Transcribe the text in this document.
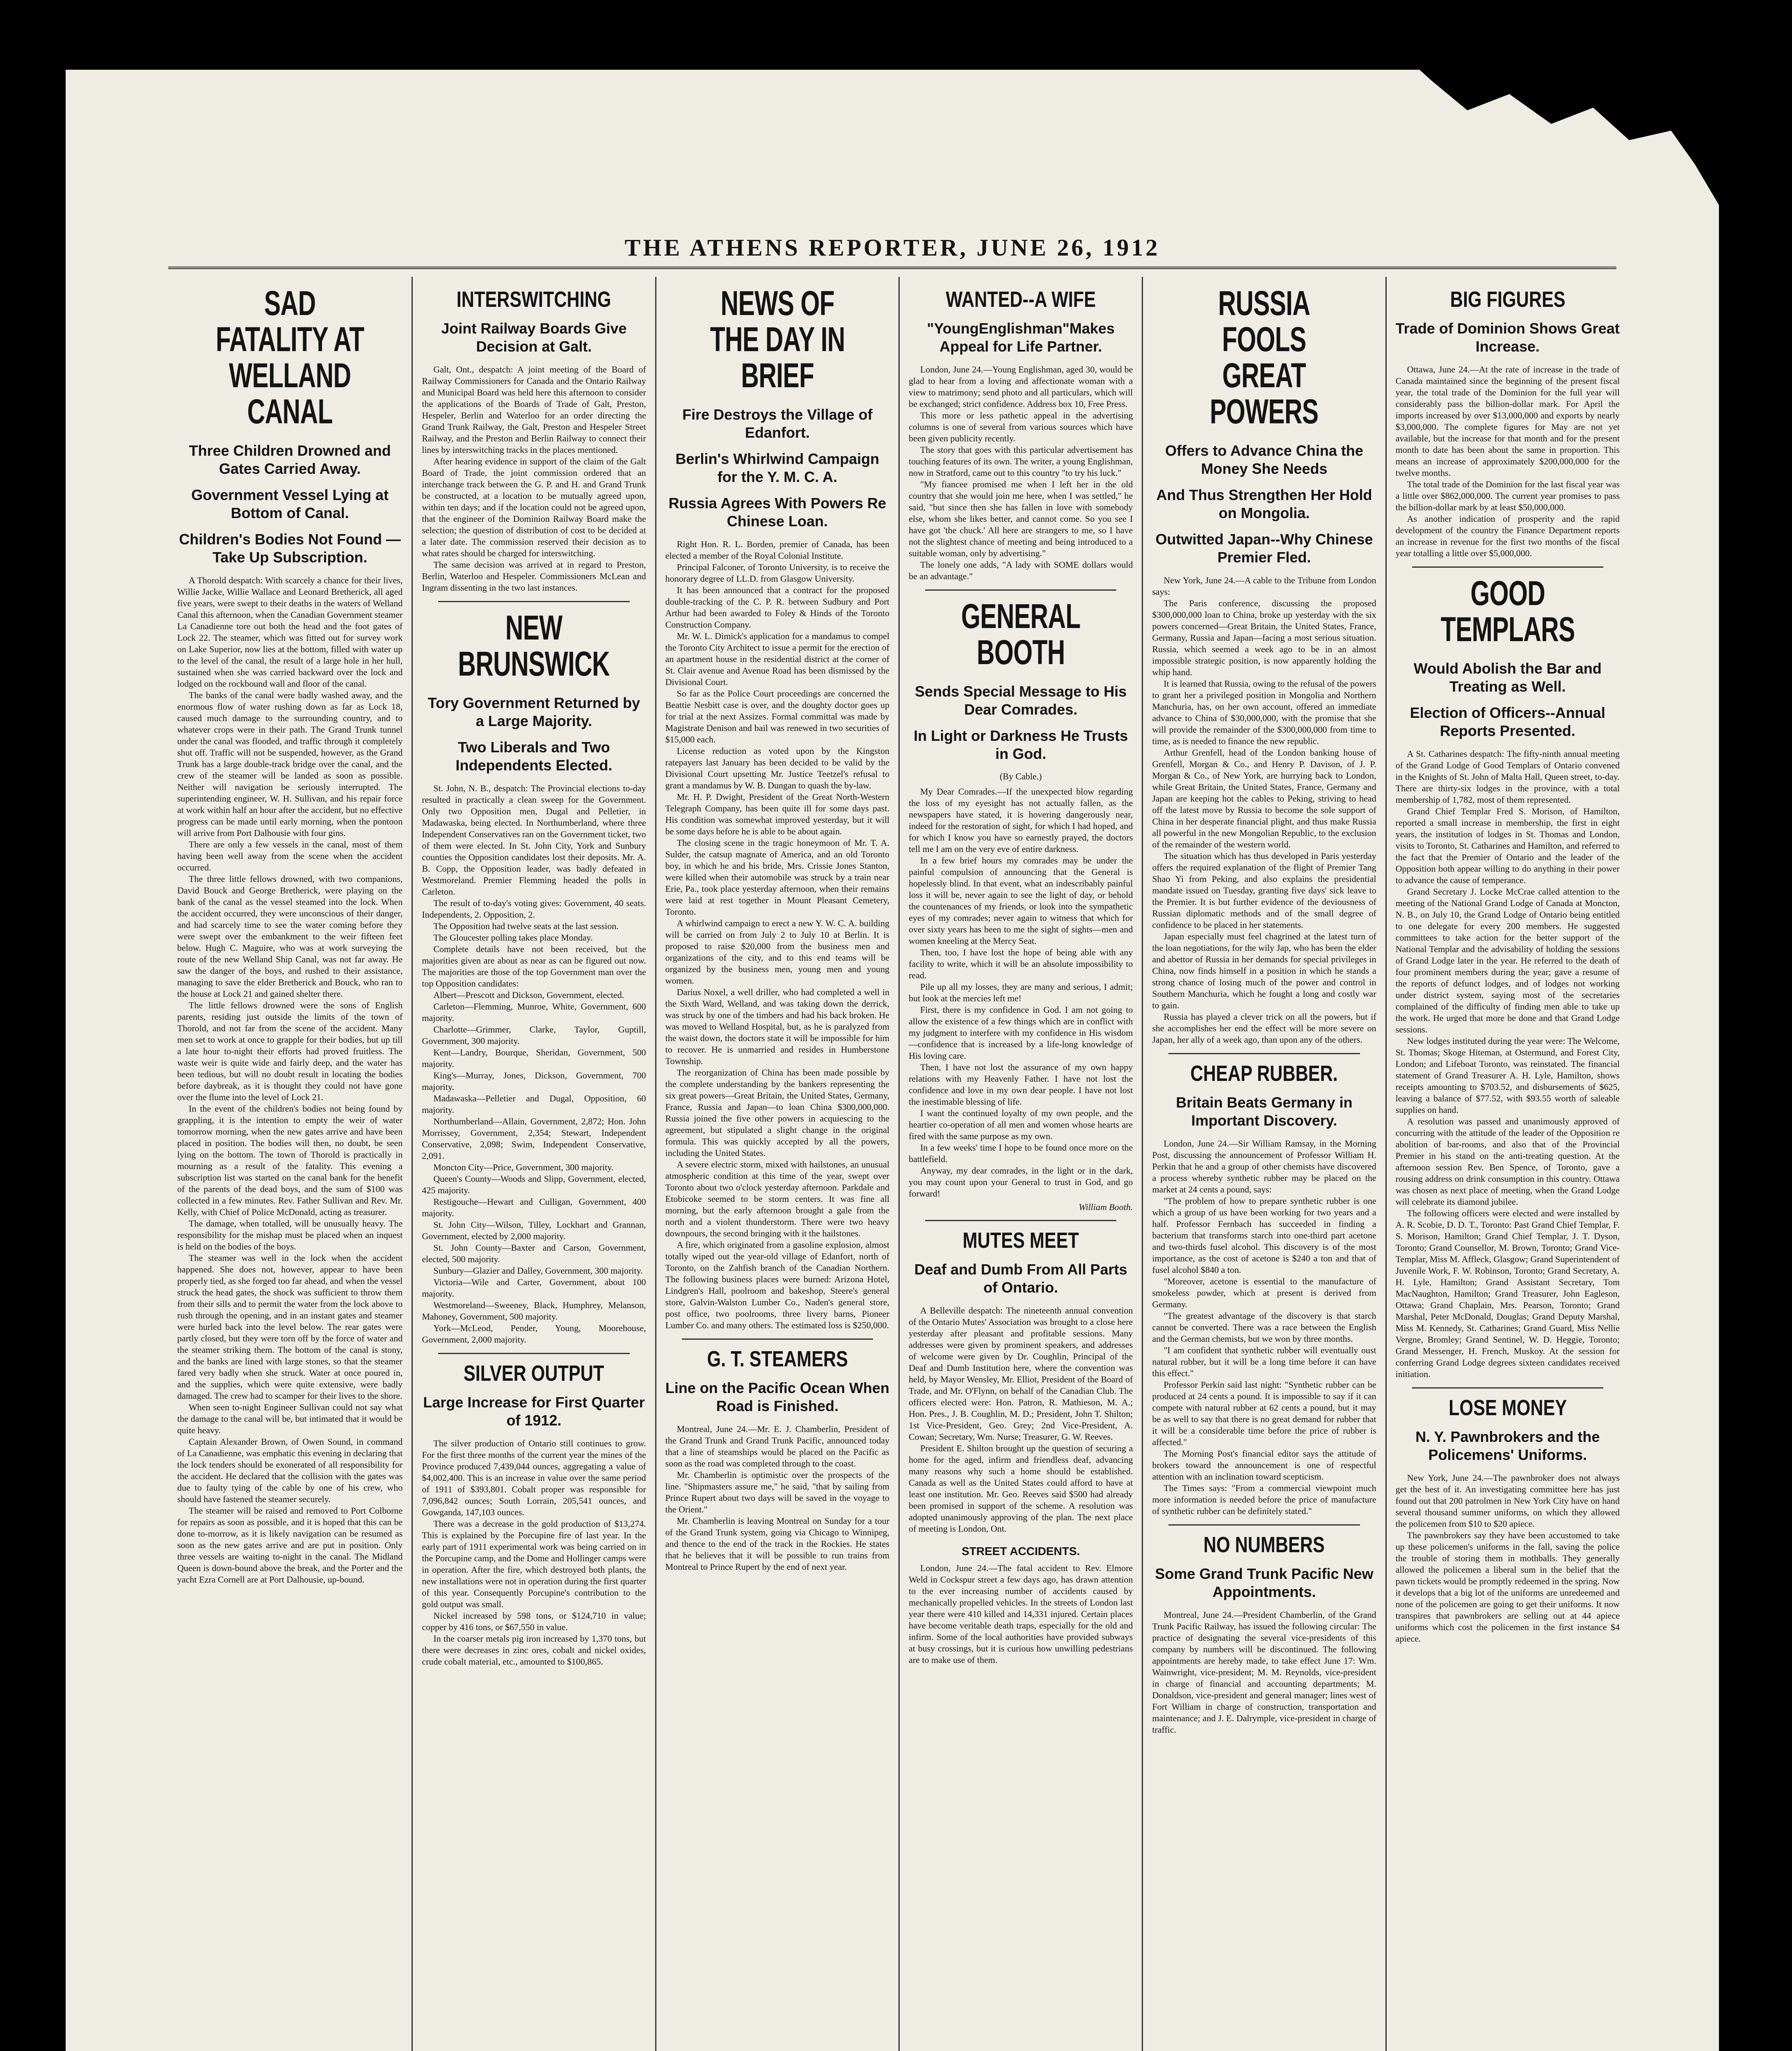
THE ATHENS REPORTER, JUNE 26, 1912
SAD FATALITY AT WELLAND CANAL
Three Children Drowned and Gates Carried Away.
Government Vessel Lying at Bottom of Canal.
Children's Bodies Not Found —Take Up Subscription.

A Thorold despatch: With scarcely a chance for their lives, Willie Jacke, Willie Wallace and Leonard Bretherick, all aged five years, were swept to their deaths in the waters of Welland Canal this afternoon, when the Canadian Government steamer La Canadienne tore out both the head and the foot gates of Lock 22. The steamer, which was fitted out for survey work on Lake Superior, now lies at the bottom, filled with water up to the level of the canal, the result of a large hole in her hull, sustained when she was carried backward over the lock and lodged on the rockbound wall and floor of the canal.

The banks of the canal were badly washed away, and the enormous flow of water rushing down as far as Lock 18, caused much damage to the surrounding country, and to whatever crops were in their path. The Grand Trunk tunnel under the canal was flooded, and traffic through it completely shut off. Traffic will not be suspended, however, as the Grand Trunk has a large double-track bridge over the canal, and the crew of the steamer will be landed as soon as possible. Neither will navigation be seriously interrupted. The superintending engineer, W. H. Sullivan, and his repair force at work within half an hour after the accident, but no effective progress can be made until early morning, when the pontoon will arrive from Port Dalhousie with four gins.

There are only a few vessels in the canal, most of them having been well away from the scene when the accident occurred.

The three little fellows drowned, with two companions, David Bouck and George Bretherick, were playing on the bank of the canal as the vessel steamed into the lock. When the accident occurred, they were unconscious of their danger, and had scarcely time to see the water coming before they were swept over the embankment to the weir fifteen feet below. Hugh C. Maguire, who was at work surveying the route of the new Welland Ship Canal, was not far away. He saw the danger of the boys, and rushed to their assistance, managing to save the elder Bretherick and Bouck, who ran to the house at Lock 21 and gained shelter there.

The little fellows drowned were the sons of English parents, residing just outside the limits of the town of Thorold, and not far from the scene of the accident. Many men set to work at once to grapple for their bodies, but up till a late hour to-night their efforts had proved fruitless. The waste weir is quite wide and fairly deep, and the water has been tedious, but will no doubt result in locating the bodies before daybreak, as it is thought they could not have gone over the flume into the level of Lock 21.

In the event of the children's bodies not being found by grappling, it is the intention to empty the weir of water tomorrow morning, when the new gates arrive and have been placed in position. The bodies will then, no doubt, be seen lying on the bottom. The town of Thorold is practically in mourning as a result of the fatality. This evening a subscription list was started on the canal bank for the benefit of the parents of the dead boys, and the sum of $100 was collected in a few minutes. Rev. Father Sullivan and Rev. Mr. Kelly, with Chief of Police McDonald, acting as treasurer.

The damage, when totalled, will be unusually heavy. The responsibility for the mishap must be placed when an inquest is held on the bodies of the boys.

The steamer was well in the lock when the accident happened. She does not, however, appear to have been properly tied, as she forged too far ahead, and when the vessel struck the head gates, the shock was sufficient to throw them from their sills and to permit the water from the lock above to rush through the opening, and in an instant gates and steamer were hurled back into the level below. The rear gates were partly closed, but they were torn off by the force of water and the steamer striking them. The bottom of the canal is stony, and the banks are lined with large stones, so that the steamer fared very badly when she struck. Water at once poured in, and the supplies, which were quite extensive, were badly damaged. The crew had to scamper for their lives to the shore.

When seen to-night Engineer Sullivan could not say what the damage to the canal will be, but intimated that it would be quite heavy.

Captain Alexander Brown, of Owen Sound, in command of La Canadienne, was emphatic this evening in declaring that the lock tenders should be exonerated of all responsibility for the accident. He declared that the collision with the gates was due to faulty tying of the cable by one of his crew, who should have fastened the steamer securely.

The steamer will be raised and removed to Port Colborne for repairs as soon as possible, and it is hoped that this can be done to-morrow, as it is likely navigation can be resumed as soon as the new gates arrive and are put in position. Only three vessels are waiting to-night in the canal. The Midland Queen is down-bound above the break, and the Porter and the yacht Ezra Cornell are at Port Dalhousie, up-bound.

INTERSWITCHING
Joint Railway Boards Give Decision at Galt.

Galt, Ont., despatch: A joint meeting of the Board of Railway Commissioners for Canada and the Ontario Railway and Municipal Board was held here this afternoon to consider the applications of the Boards of Trade of Galt, Preston, Hespeler, Berlin and Waterloo for an order directing the Grand Trunk Railway, the Galt, Preston and Hespeler Street Railway, and the Preston and Berlin Railway to connect their lines by interswitching tracks in the places mentioned.

After hearing evidence in support of the claim of the Galt Board of Trade, the joint commission ordered that an interchange track between the G. P. and H. and Grand Trunk be constructed, at a location to be mutually agreed upon, within ten days; and if the location could not be agreed upon, that the engineer of the Dominion Railway Board make the selection; the question of distribution of cost to be decided at a later date. The commission reserved their decision as to what rates should be charged for interswitching.

The same decision was arrived at in regard to Preston, Berlin, Waterloo and Hespeler. Commissioners McLean and Ingram dissenting in the two last instances.

NEW BRUNSWICK
Tory Government Returned by a Large Majority.
Two Liberals and Two Independents Elected.

St. John, N. B., despatch: The Provincial elections to-day resulted in practically a clean sweep for the Government. Only two Opposition men, Dugal and Pelletier, in Madawaska, being elected. In Northumberland, where three Independent Conservatives ran on the Government ticket, two of them were elected. In St. John City, York and Sunbury counties the Opposition candidates lost their deposits. Mr. A. B. Copp, the Opposition leader, was badly defeated in Westmoreland. Premier Flemming headed the polls in Carleton.

The result of to-day's voting gives: Government, 40 seats. Independents, 2. Opposition, 2.

The Opposition had twelve seats at the last session.

The Gloucester polling takes place Monday.

Complete details have not been received, but the majorities given are about as near as can be figured out now. The majorities are those of the top Government man over the top Opposition candidates:

Albert—Prescott and Dickson, Government, elected.

Carleton—Flemming, Munroe, White, Government, 600 majority.

Charlotte—Grimmer, Clarke, Taylor, Guptill, Government, 300 majority.

Kent—Landry, Bourque, Sheridan, Government, 500 majority.

King's—Murray, Jones, Dickson, Government, 700 majority.

Madawaska—Pelletier and Dugal, Opposition, 60 majority.

Northumberland—Allain, Government, 2,872; Hon. John Morrissey, Government, 2,354; Stewart, Independent Conservative, 2,098; Swim, Independent Conservative, 2,091.

Moncton City—Price, Government, 300 majority.

Queen's County—Woods and Slipp, Government, elected, 425 majority.

Restigouche—Hewart and Culligan, Government, 400 majority.

St. John City—Wilson, Tilley, Lockhart and Grannan, Government, elected by 2,000 majority.

St. John County—Baxter and Carson, Government, elected, 500 majority.

Sunbury—Glazier and Dalley, Government, 300 majority.

Victoria—Wile and Carter, Government, about 100 majority.

Westmoreland—Sweeney, Black, Humphrey, Melanson, Mahoney, Government, 500 majority.

York—McLeod, Pender, Young, Moorehouse, Government, 2,000 majority.

SILVER OUTPUT
Large Increase for First Quarter of 1912.

The silver production of Ontario still continues to grow. For the first three months of the current year the mines of the Province produced 7,439,044 ounces, aggregating a value of $4,002,400. This is an increase in value over the same period of 1911 of $393,801. Cobalt proper was responsible for 7,096,842 ounces; South Lorrain, 205,541 ounces, and Gowganda, 147,103 ounces.

There was a decrease in the gold production of $13,274. This is explained by the Porcupine fire of last year. In the early part of 1911 experimental work was being carried on in the Porcupine camp, and the Dome and Hollinger camps were in operation. After the fire, which destroyed both plants, the new installations were not in operation during the first quarter of this year. Consequently Porcupine's contribution to the gold output was small.

Nickel increased by 598 tons, or $124,710 in value; copper by 416 tons, or $67,550 in value.

In the coarser metals pig iron increased by 1,370 tons, but there were decreases in zinc ores, cobalt and nickel oxides, crude cobalt material, etc., amounted to $100,865.

NEWS OF THE DAY IN BRIEF
Fire Destroys the Village of Edanfort.
Berlin's Whirlwind Campaign for the Y. M. C. A.
Russia Agrees With Powers Re Chinese Loan.

Right Hon. R. L. Borden, premier of Canada, has been elected a member of the Royal Colonial Institute.

Principal Falconer, of Toronto University, is to receive the honorary degree of LL.D. from Glasgow University.

It has been announced that a contract for the proposed double-tracking of the C. P. R. between Sudbury and Port Arthur had been awarded to Foley & Hinds of the Toronto Construction Company.

Mr. W. L. Dimick's application for a mandamus to compel the Toronto City Architect to issue a permit for the erection of an apartment house in the residential district at the corner of St. Clair avenue and Avenue Road has been dismissed by the Divisional Court.

So far as the Police Court proceedings are concerned the Beattie Nesbitt case is over, and the doughty doctor goes up for trial at the next Assizes. Formal committal was made by Magistrate Denison and bail was renewed in two securities of $15,000 each.

License reduction as voted upon by the Kingston ratepayers last January has been decided to be valid by the Divisional Court upsetting Mr. Justice Teetzel's refusal to grant a mandamus by W. B. Dungan to quash the by-law.

Mr. H. P. Dwight, President of the Great North-Western Telegraph Company, has been quite ill for some days past. His condition was somewhat improved yesterday, but it will be some days before he is able to be about again.

The closing scene in the tragic honeymoon of Mr. T. A. Sulder, the catsup magnate of America, and an old Toronto boy, in which he and his bride, Mrs. Crissie Jones Stanton, were killed when their automobile was struck by a train near Erie, Pa., took place yesterday afternoon, when their remains were laid at rest together in Mount Pleasant Cemetery, Toronto.

A whirlwind campaign to erect a new Y. W. C. A. building will be carried on from July 2 to July 10 at Berlin. It is proposed to raise $20,000 from the business men and organizations of the city, and to this end teams will be organized by the business men, young men and young women.

Darius Noxel, a well driller, who had completed a well in the Sixth Ward, Welland, and was taking down the derrick, was struck by one of the timbers and had his back broken. He was moved to Welland Hospital, but, as he is paralyzed from the waist down, the doctors state it will be impossible for him to recover. He is unmarried and resides in Humberstone Township.

The reorganization of China has been made possible by the complete understanding by the bankers representing the six great powers—Great Britain, the United States, Germany, France, Russia and Japan—to loan China $300,000,000. Russia joined the five other powers in acquiescing to the agreement, but stipulated a slight change in the original formula. This was quickly accepted by all the powers, including the United States.

A severe electric storm, mixed with hailstones, an unusual atmospheric condition at this time of the year, swept over Toronto about two o'clock yesterday afternoon. Parkdale and Etobicoke seemed to be storm centers. It was fine all morning, but the early afternoon brought a gale from the north and a violent thunderstorm. There were two heavy downpours, the second bringing with it the hailstones.

A fire, which originated from a gasoline explosion, almost totally wiped out the year-old village of Edanfort, north of Toronto, on the Zahfish branch of the Canadian Northern. The following business places were burned: Arizona Hotel, Lindgren's Hall, poolroom and bakeshop, Steere's general store, Galvin-Walston Lumber Co., Naden's general store, post office, two poolrooms, three livery barns, Pioneer Lumber Co. and many others. The estimated loss is $250,000.

G. T. STEAMERS
Line on the Pacific Ocean When Road is Finished.

Montreal, June 24.—Mr. E. J. Chamberlin, President of the Grand Trunk and Grand Trunk Pacific, announced today that a line of steamships would be placed on the Pacific as soon as the road was completed through to the coast.

Mr. Chamberlin is optimistic over the prospects of the line. "Shipmasters assure me," he said, "that by sailing from Prince Rupert about two days will be saved in the voyage to the Orient."

Mr. Chamberlin is leaving Montreal on Sunday for a tour of the Grand Trunk system, going via Chicago to Winnipeg, and thence to the end of the track in the Rockies. He states that he believes that it will be possible to run trains from Montreal to Prince Rupert by the end of next year.

WANTED--A WIFE
"YoungEnglishman"Makes Appeal for Life Partner.

London, June 24.—Young Englishman, aged 30, would be glad to hear from a loving and affectionate woman with a view to matrimony; send photo and all particulars, which will be exchanged; strict confidence. Address box 10, Free Press.

This more or less pathetic appeal in the advertising columns is one of several from various sources which have been given publicity recently.

The story that goes with this particular advertisement has touching features of its own. The writer, a young Englishman, now in Stratford, came out to this country "to try his luck."

"My fiancee promised me when I left her in the old country that she would join me here, when I was settled," he said, "but since then she has fallen in love with somebody else, whom she likes better, and cannot come. So you see I have got 'the chuck.' All here are strangers to me, so I have not the slightest chance of meeting and being introduced to a suitable woman, only by advertising."

The lonely one adds, "A lady with SOME dollars would be an advantage."

GENERAL BOOTH
Sends Special Message to His Dear Comrades.
In Light or Darkness He Trusts in God.

(By Cable.)

My Dear Comrades.—If the unexpected blow regarding the loss of my eyesight has not actually fallen, as the newspapers have stated, it is hovering dangerously near, indeed for the restoration of sight, for which I had hoped, and for which I know you have so earnestly prayed, the doctors tell me I am on the very eve of entire darkness.

In a few brief hours my comrades may be under the painful compulsion of announcing that the General is hopelessly blind. In that event, what an indescribably painful loss it will be, never again to see the light of day, or behold the countenances of my friends, or look into the sympathetic eyes of my comrades; never again to witness that which for over sixty years has been to me the sight of sights—men and women kneeling at the Mercy Seat.

Then, too, I have lost the hope of being able with any facility to write, which it will be an absolute impossibility to read.

Pile up all my losses, they are many and serious, I admit; but look at the mercies left me!

First, there is my confidence in God. I am not going to allow the existence of a few things which are in conflict with my judgment to interfere with my confidence in His wisdom—confidence that is increased by a life-long knowledge of His loving care.

Then, I have not lost the assurance of my own happy relations with my Heavenly Father. I have not lost the confidence and love in my own dear people. I have not lost the inestimable blessing of life.

I want the continued loyalty of my own people, and the heartier co-operation of all men and women whose hearts are fired with the same purpose as my own.

In a few weeks' time I hope to be found once more on the battlefield.

Anyway, my dear comrades, in the light or in the dark, you may count upon your General to trust in God, and go forward!

William Booth.

MUTES MEET
Deaf and Dumb From All Parts of Ontario.

A Belleville despatch: The nineteenth annual convention of the Ontario Mutes' Association was brought to a close here yesterday after pleasant and profitable sessions. Many addresses were given by prominent speakers, and addresses of welcome were given by Dr. Coughlin, Principal of the Deaf and Dumb Institution here, where the convention was held, by Mayor Wensley, Mr. Elliot, President of the Board of Trade, and Mr. O'Flynn, on behalf of the Canadian Club. The officers elected were: Hon. Patron, R. Mathieson, M. A.; Hon. Pres., J. B. Coughlin, M. D.; President, John T. Shilton; 1st Vice-President, Geo. Grey; 2nd Vice-President, A. Cowan; Secretary, Wm. Nurse; Treasurer, G. W. Reeves.

President E. Shilton brought up the question of securing a home for the aged, infirm and friendless deaf, advancing many reasons why such a home should be established. Canada as well as the United States could afford to have at least one institution. Mr. Geo. Reeves said $500 had already been promised in support of the scheme. A resolution was adopted unanimously approving of the plan. The next place of meeting is London, Ont.

STREET ACCIDENTS.

London, June 24.—The fatal accident to Rev. Elmore Weld in Cockspur street a few days ago, has drawn attention to the ever increasing number of accidents caused by mechanically propelled vehicles. In the streets of London last year there were 410 killed and 14,331 injured. Certain places have become veritable death traps, especially for the old and infirm. Some of the local authorities have provided subways at busy crossings, but it is curious how unwilling pedestrians are to make use of them.

RUSSIA FOOLS GREAT POWERS
Offers to Advance China the Money She Needs
And Thus Strengthen Her Hold on Mongolia.
Outwitted Japan--Why Chinese Premier Fled.

New York, June 24.—A cable to the Tribune from London says:

The Paris conference, discussing the proposed $300,000,000 loan to China, broke up yesterday with the six powers concerned—Great Britain, the United States, France, Germany, Russia and Japan—facing a most serious situation. Russia, which seemed a week ago to be in an almost impossible strategic position, is now apparently holding the whip hand.

It is learned that Russia, owing to the refusal of the powers to grant her a privileged position in Mongolia and Northern Manchuria, has, on her own account, offered an immediate advance to China of $30,000,000, with the promise that she will provide the remainder of the $300,000,000 from time to time, as is needed to finance the new republic.

Arthur Grenfell, head of the London banking house of Grenfell, Morgan & Co., and Henry P. Davison, of J. P. Morgan & Co., of New York, are hurrying back to London, while Great Britain, the United States, France, Germany and Japan are keeping hot the cables to Peking, striving to head off the latest move by Russia to become the sole support of China in her desperate financial plight, and thus make Russia all powerful in the new Mongolian Republic, to the exclusion of the remainder of the western world.

The situation which has thus developed in Paris yesterday offers the required explanation of the flight of Premier Tang Shao Yi from Peking, and also explains the presidential mandate issued on Tuesday, granting five days' sick leave to the Premier. It is but further evidence of the deviousness of Russian diplomatic methods and of the small degree of confidence to be placed in her statements.

Japan especially must feel chagrined at the latest turn of the loan negotiations, for the wily Jap, who has been the elder and abettor of Russia in her demands for special privileges in China, now finds himself in a position in which he stands a strong chance of losing much of the power and control in Southern Manchuria, which he fought a long and costly war to gain.

Russia has played a clever trick on all the powers, but if she accomplishes her end the effect will be more severe on Japan, her ally of a week ago, than upon any of the others.

CHEAP RUBBER.
Britain Beats Germany in Important Discovery.

London, June 24.—Sir William Ramsay, in the Morning Post, discussing the announcement of Professor William H. Perkin that he and a group of other chemists have discovered a process whereby synthetic rubber may be placed on the market at 24 cents a pound, says:

"The problem of how to prepare synthetic rubber is one which a group of us have been working for two years and a half. Professor Fernbach has succeeded in finding a bacterium that transforms starch into one-third part acetone and two-thirds fusel alcohol. This discovery is of the most importance, as the cost of acetone is $240 a ton and that of fusel alcohol $840 a ton.

"Moreover, acetone is essential to the manufacture of smokeless powder, which at present is derived from Germany.

"The greatest advantage of the discovery is that starch cannot be converted. There was a race between the English and the German chemists, but we won by three months.

"I am confident that synthetic rubber will eventually oust natural rubber, but it will be a long time before it can have this effect."

Professor Perkin said last night: "Synthetic rubber can be produced at 24 cents a pound. It is impossible to say if it can compete with natural rubber at 62 cents a pound, but it may be as well to say that there is no great demand for rubber that it will be a considerable time before the price of rubber is affected."

The Morning Post's financial editor says the attitude of brokers toward the announcement is one of respectful attention with an inclination toward scepticism.

The Times says: "From a commercial viewpoint much more information is needed before the price of manufacture of synthetic rubber can be definitely stated."

NO NUMBERS
Some Grand Trunk Pacific New Appointments.

Montreal, June 24.—President Chamberlin, of the Grand Trunk Pacific Railway, has issued the following circular: The practice of designating the several vice-presidents of this company by numbers will be discontinued. The following appointments are hereby made, to take effect June 17: Wm. Wainwright, vice-president; M. M. Reynolds, vice-president in charge of financial and accounting departments; M. Donaldson, vice-president and general manager; lines west of Fort William in charge of construction, transportation and maintenance; and J. E. Dalrymple, vice-president in charge of traffic.

BIG FIGURES
Trade of Dominion Shows Great Increase.

Ottawa, June 24.—At the rate of increase in the trade of Canada maintained since the beginning of the present fiscal year, the total trade of the Dominion for the full year will considerably pass the billion-dollar mark. For April the imports increased by over $13,000,000 and exports by nearly $3,000,000. The complete figures for May are not yet available, but the increase for that month and for the present month to date has been about the same in proportion. This means an increase of approximately $200,000,000 for the twelve months.

The total trade of the Dominion for the last fiscal year was a little over $862,000,000. The current year promises to pass the billion-dollar mark by at least $50,000,000.

As another indication of prosperity and the rapid development of the country the Finance Department reports an increase in revenue for the first two months of the fiscal year totalling a little over $5,000,000.

GOOD TEMPLARS
Would Abolish the Bar and Treating as Well.
Election of Officers--Annual Reports Presented.

A St. Catharines despatch: The fifty-ninth annual meeting of the Grand Lodge of Good Templars of Ontario convened in the Knights of St. John of Malta Hall, Queen street, to-day. There are thirty-six lodges in the province, with a total membership of 1,782, most of them represented.

Grand Chief Templar Fred S. Morison, of Hamilton, reported a small increase in membership, the first in eight years, the institution of lodges in St. Thomas and London, visits to Toronto, St. Catharines and Hamilton, and referred to the fact that the Premier of Ontario and the leader of the Opposition both appear willing to do anything in their power to advance the cause of temperance.

Grand Secretary J. Locke McCrae called attention to the meeting of the National Grand Lodge of Canada at Moncton, N. B., on July 10, the Grand Lodge of Ontario being entitled to one delegate for every 200 members. He suggested committees to take action for the better support of the National Templar and the advisability of holding the sessions of Grand Lodge later in the year. He referred to the death of four prominent members during the year; gave a resume of the reports of defunct lodges, and of lodges not working under district system, saying most of the secretaries complained of the difficulty of finding men able to take up the work. He urged that more be done and that Grand Lodge sessions.

New lodges instituted during the year were: The Welcome, St. Thomas; Skoge Hiteman, at Ostermund, and Forest City, London; and Lifeboat Toronto, was reinstated. The financial statement of Grand Treasurer A. H. Lyle, Hamilton, shows receipts amounting to $703.52, and disbursements of $625, leaving a balance of $77.52, with $93.55 worth of saleable supplies on hand.

A resolution was passed and unanimously approved of concurring with the attitude of the leader of the Opposition re abolition of bar-rooms, and also that of the Provincial Premier in his stand on the anti-treating question. At the afternoon session Rev. Ben Spence, of Toronto, gave a rousing address on drink consumption in this country. Ottawa was chosen as next place of meeting, when the Grand Lodge will celebrate its diamond jubilee.

The following officers were elected and were installed by A. R. Scobie, D. D. T., Toronto: Past Grand Chief Templar, F. S. Morison, Hamilton; Grand Chief Templar, J. T. Dyson, Toronto; Grand Counsellor, M. Brown, Toronto; Grand Vice-Templar, Miss M. Affleck, Glasgow; Grand Superintendent of Juvenile Work, F. W. Robinson, Toronto; Grand Secretary, A. H. Lyle, Hamilton; Grand Assistant Secretary, Tom MacNaughton, Hamilton; Grand Treasurer, John Eagleson, Ottawa; Grand Chaplain, Mrs. Pearson, Toronto; Grand Marshal, Peter McDonald, Douglas; Grand Deputy Marshal, Miss M. Kennedy, St. Catharines; Grand Guard, Miss Nellie Vergne, Bromley; Grand Sentinel, W. D. Heggie, Toronto; Grand Messenger, H. French, Muskoy. At the session for conferring Grand Lodge degrees sixteen candidates received initiation.

LOSE MONEY
N. Y. Pawnbrokers and the Policemens' Uniforms.

New York, June 24.—The pawnbroker does not always get the best of it. An investigating committee here has just found out that 200 patrolmen in New York City have on hand several thousand summer uniforms, on which they allowed the policemen from $10 to $20 apiece.

The pawnbrokers say they have been accustomed to take up these policemen's uniforms in the fall, saving the police the trouble of storing them in mothballs. They generally allowed the policemen a liberal sum in the belief that the pawn tickets would be promptly redeemed in the spring. Now it develops that a big lot of the uniforms are unredeemed and none of the policemen are going to get their uniforms. It now transpires that pawnbrokers are selling out at 44 apiece uniforms which cost the policemen in the first instance $4 apiece.
